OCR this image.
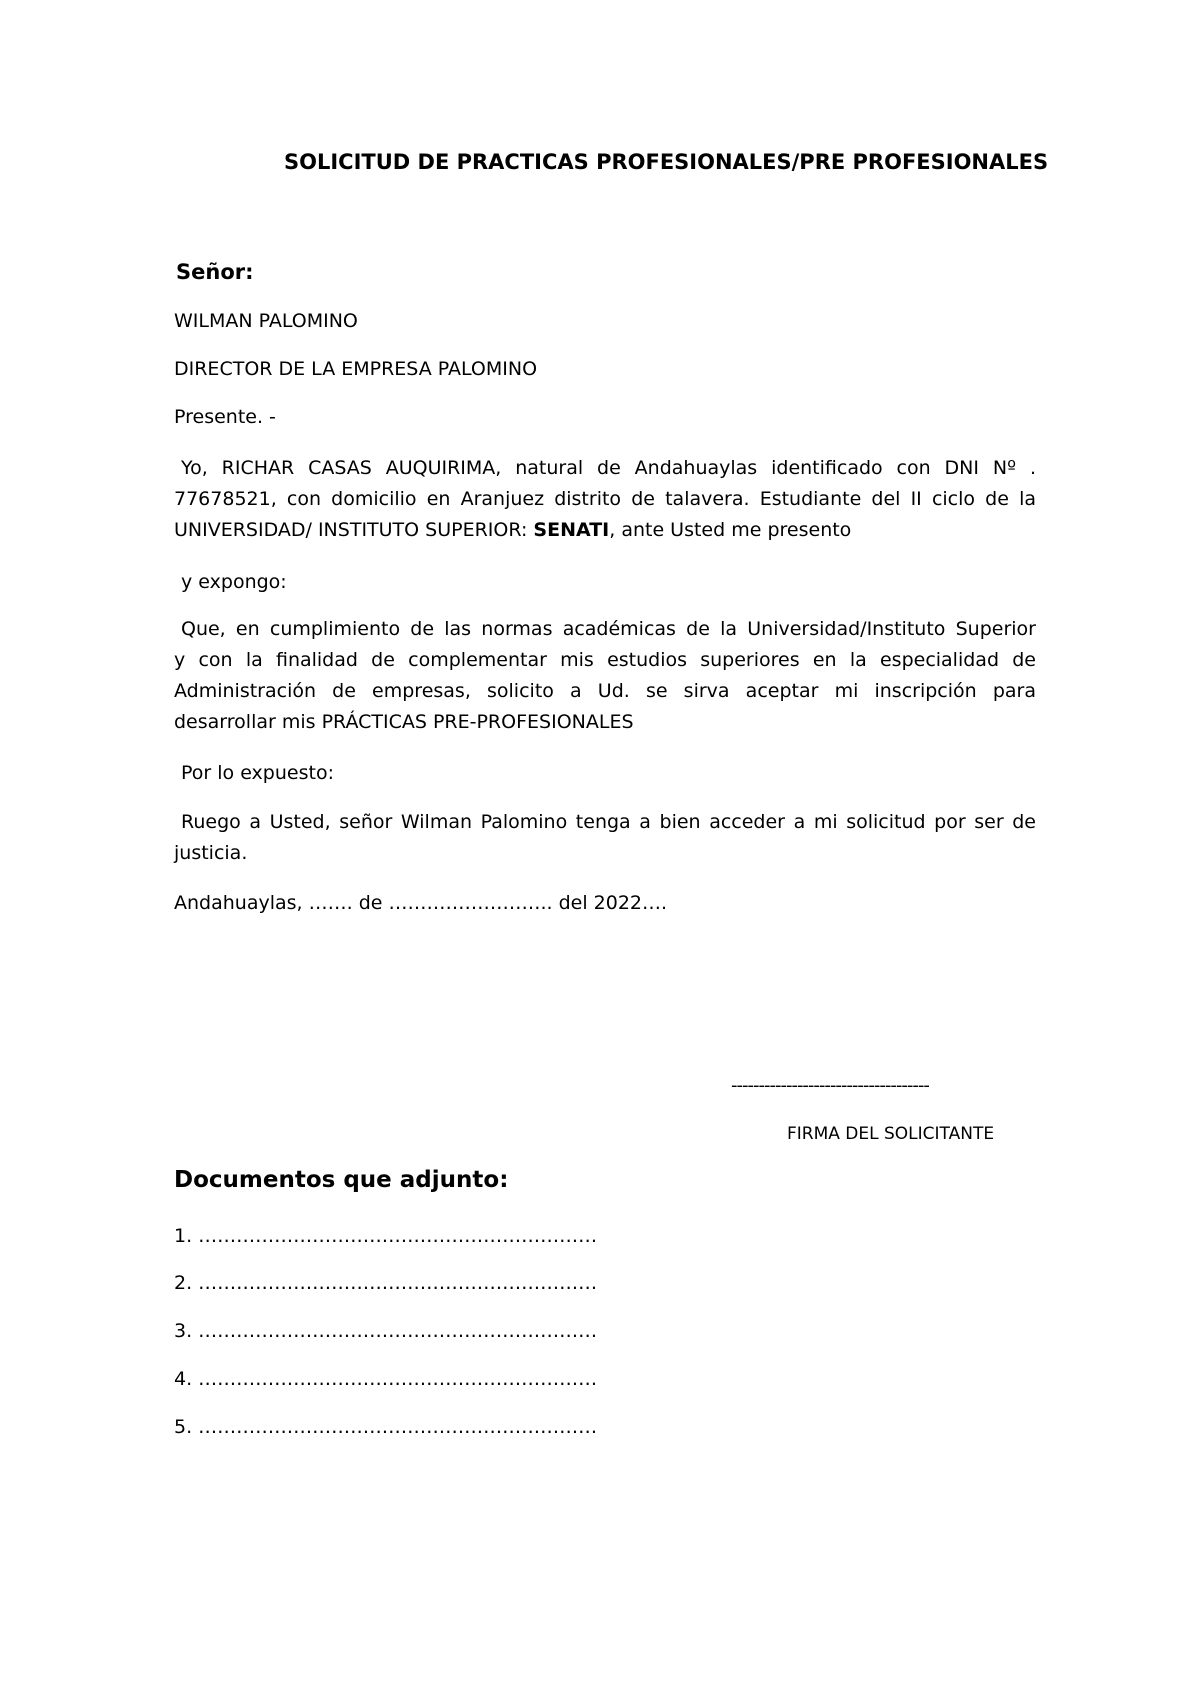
SOLICITUD DE PRACTICAS PROFESIONALES/PRE PROFESIONALES
Señor:
WILMAN PALOMINO
DIRECTOR DE LA EMPRESA PALOMINO
Presente. -
Yo, RICHAR CASAS AUQUIRIMA, natural de Andahuaylas identificado con DNI Nº .
77678521, con domicilio en Aranjuez distrito de talavera. Estudiante del II ciclo de la
UNIVERSIDAD/ INSTITUTO SUPERIOR: SENATI, ante Usted me presento
y expongo:
Que, en cumplimiento de las normas académicas de la Universidad/Instituto Superior
y con la finalidad de complementar mis estudios superiores en la especialidad de
Administración de empresas, solicito a Ud. se sirva aceptar mi inscripción para
desarrollar mis PRÁCTICAS PRE-PROFESIONALES
Por lo expuesto:
Ruego a Usted, señor Wilman Palomino tenga a bien acceder a mi solicitud por ser de
justicia.
Andahuaylas, ……. de …………………….. del 2022….
------------------------------------
FIRMA DEL SOLICITANTE
Documentos que adjunto:
1. ………………………………………………………
2. ………………………………………………………
3. ………………………………………………………
4. ………………………………………………………
5. ………………………………………………………
